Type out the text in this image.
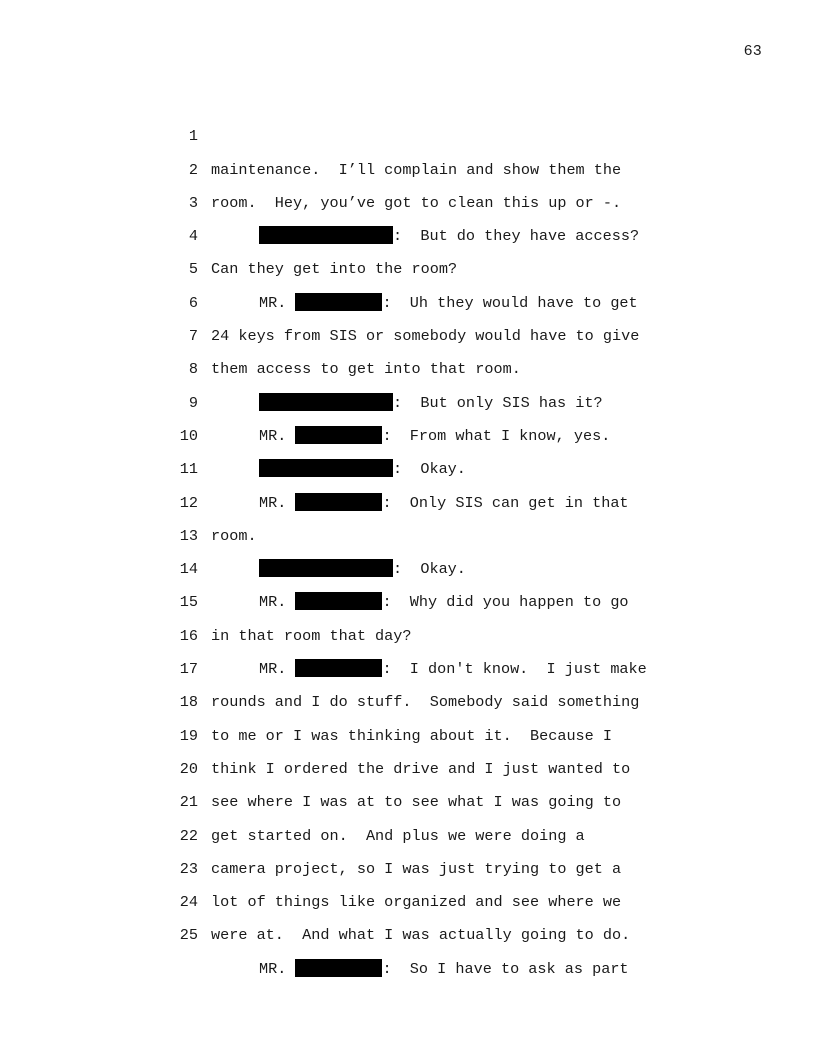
63

1

maintenance.  I’ll complain and show them the

2

room.  Hey, you’ve got to clean this up or -.

3

:  But do they have access?

4

Can they get into the room?

5

MR.	:  Uh they would have to get

6

24 keys from SIS or somebody would have to give

7

them access to get into that room.

8

:  But only SIS has it?

9

MR.	:  From what I know, yes.

10

:  Okay.

11

MR.	:  Only SIS can get in that

12

room.

13

:  Okay.

14

MR.	:  Why did you happen to go

15

in that room that day?

16

MR.	:  I don't know.  I just make

17

rounds and I do stuff.  Somebody said something

18

to me or I was thinking about it.  Because I

19

think I ordered the drive and I just wanted to

20

see where I was at to see what I was going to

21

get started on.  And plus we were doing a

22

camera project, so I was just trying to get a

23

lot of things like organized and see where we

24

were at.  And what I was actually going to do.

25

MR.	:  So I have to ask as part
